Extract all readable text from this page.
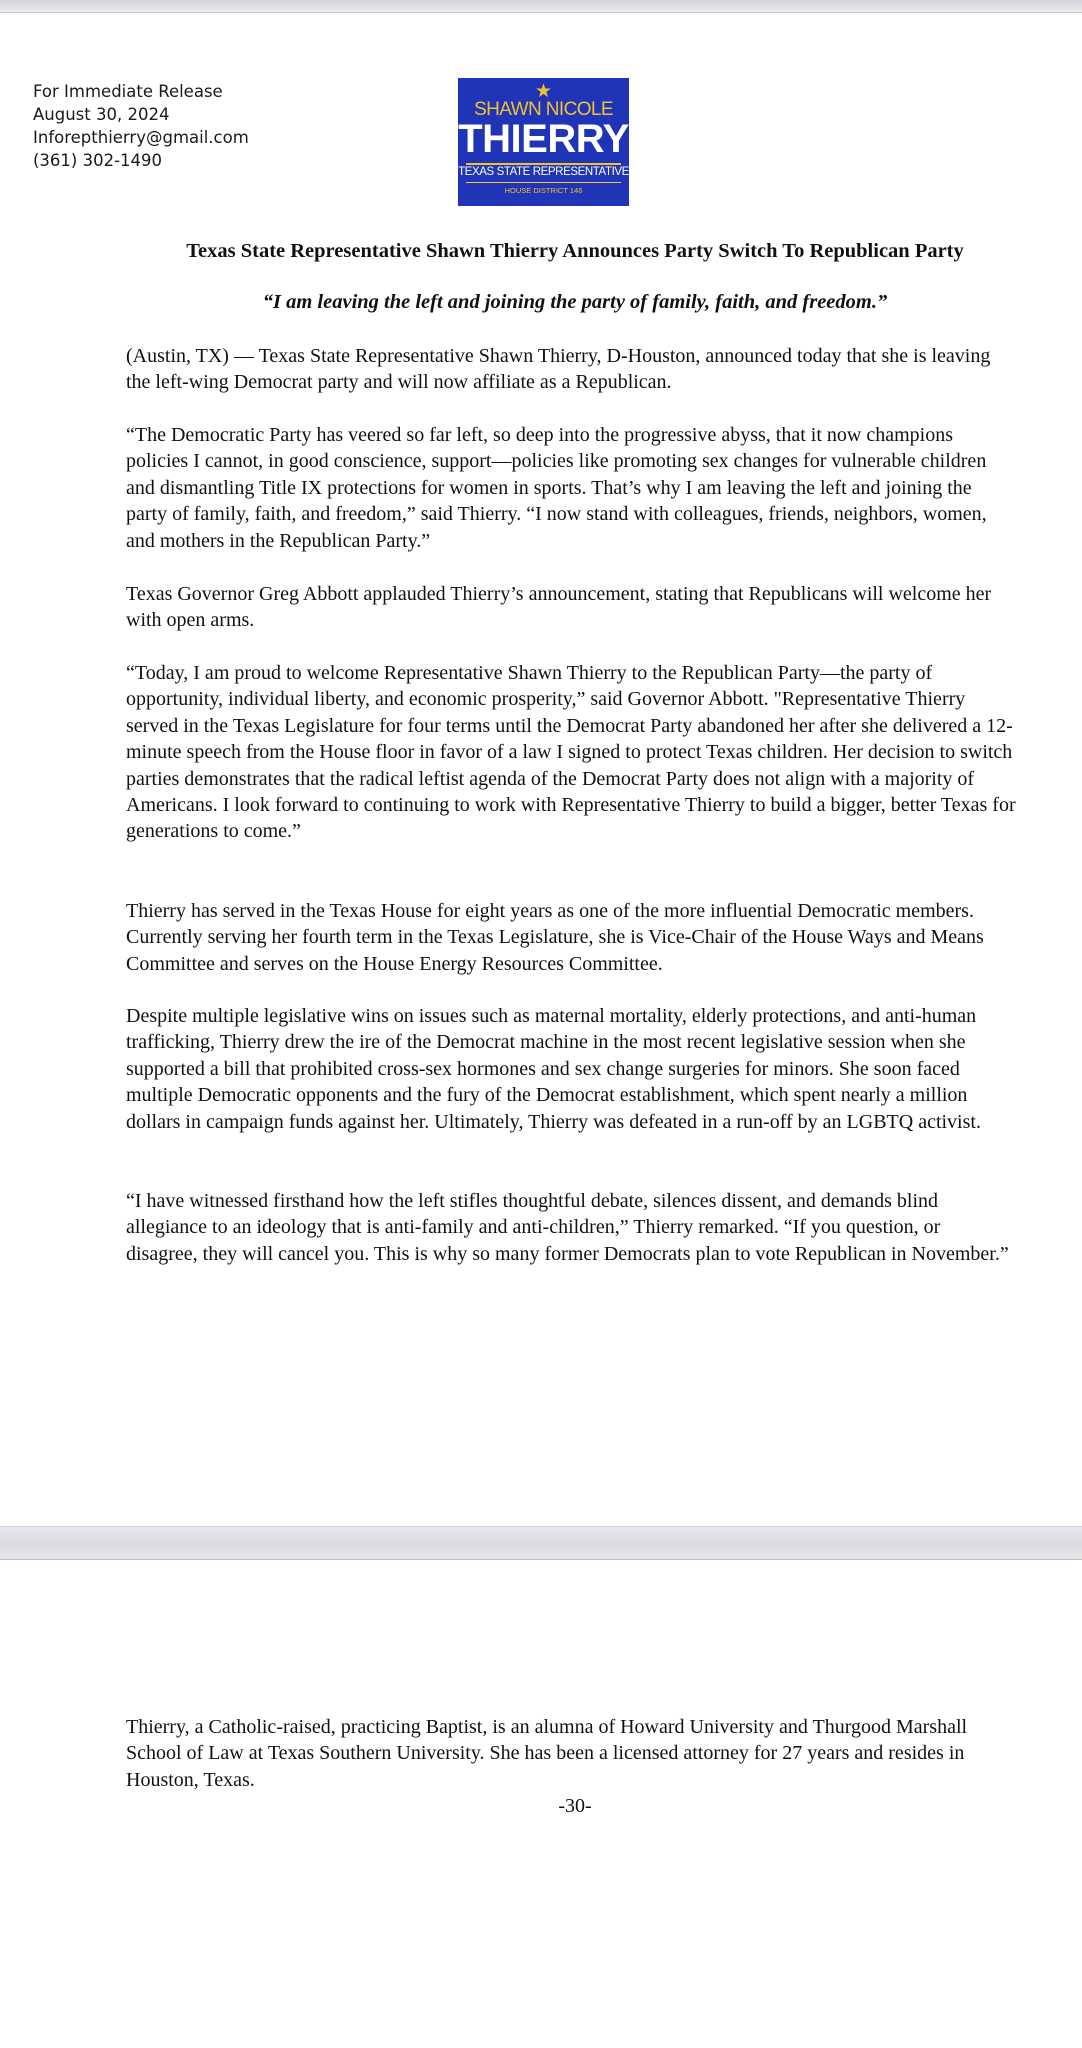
For Immediate Release
August 30, 2024
Inforepthierry@gmail.com
(361) 302-1490
★
SHAWN NICOLE
THIERRY
TEXAS STATE REPRESENTATIVE
HOUSE DISTRICT 146
Texas State Representative Shawn Thierry Announces Party Switch To Republican Party
“I am leaving the left and joining the party of family, faith, and freedom.”

(Austin, TX) — Texas State Representative Shawn Thierry, D-Houston, announced today that she is leaving the left-wing Democrat party and will now affiliate as a Republican.

“The Democratic Party has veered so far left, so deep into the progressive abyss, that it now champions policies I cannot, in good conscience, support—policies like promoting sex changes for vulnerable children and dismantling Title IX protections for women in sports. That’s why I am leaving the left and joining the party of family, faith, and freedom,” said Thierry. “I now stand with colleagues, friends, neighbors, women, and mothers in the Republican Party.”

Texas Governor Greg Abbott applauded Thierry’s announcement, stating that Republicans will welcome her with open arms.

“Today, I am proud to welcome Representative Shawn Thierry to the Republican Party—the party of opportunity, individual liberty, and economic prosperity,” said Governor Abbott. "Representative Thierry served in the Texas Legislature for four terms until the Democrat Party abandoned her after she delivered a 12-minute speech from the House floor in favor of a law I signed to protect Texas children. Her decision to switch parties demonstrates that the radical leftist agenda of the Democrat Party does not align with a majority of Americans. I look forward to continuing to work with Representative Thierry to build a bigger, better Texas for generations to come.”

Thierry has served in the Texas House for eight years as one of the more influential Democratic members. Currently serving her fourth term in the Texas Legislature, she is Vice-Chair of the House Ways and Means Committee and serves on the House Energy Resources Committee.

Despite multiple legislative wins on issues such as maternal mortality, elderly protections, and anti-human trafficking, Thierry drew the ire of the Democrat machine in the most recent legislative session when she supported a bill that prohibited cross-sex hormones and sex change surgeries for minors. She soon faced multiple Democratic opponents and the fury of the Democrat establishment, which spent nearly a million dollars in campaign funds against her. Ultimately, Thierry was defeated in a run-off by an LGBTQ activist.

“I have witnessed firsthand how the left stifles thoughtful debate, silences dissent, and demands blind allegiance to an ideology that is anti-family and anti-children,” Thierry remarked. “If you question, or disagree, they will cancel you. This is why so many former Democrats plan to vote Republican in November.”

Thierry, a Catholic-raised, practicing Baptist, is an alumna of Howard University and Thurgood Marshall School of Law at Texas Southern University. She has been a licensed attorney for 27 years and resides in Houston, Texas.

-30-
